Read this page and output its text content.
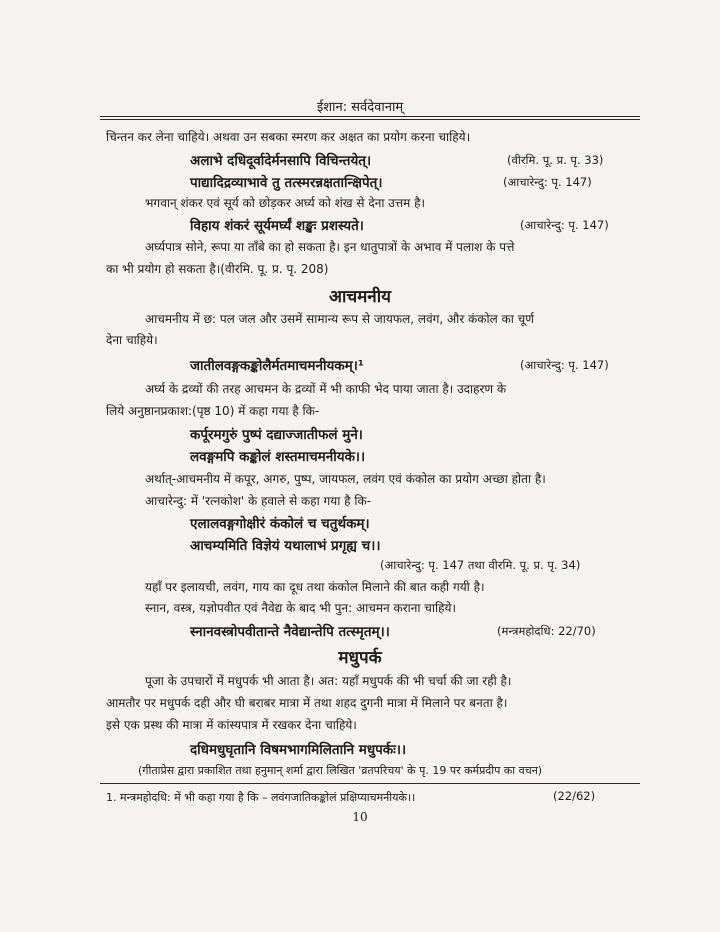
ईशान: सर्वदेवानाम्
चिन्तन कर लेना चाहिये। अथवा उन सबका स्मरण कर अक्षत का प्रयोग करना चाहिये।
अलाभे दधिदूर्वादेर्मनसापि विचिन्तयेत्।	(वीरमि. पू. प्र. पृ. 33)
पाद्यादिद्रव्याभावे तु तत्स्मरन्नक्षतान्क्षिपेत्।	(आचारेन्दु: पृ. 147)
भगवान् शंकर एवं सूर्य को छोड़कर अर्घ्य को शंख से देना उत्तम है।
विहाय शंकरं सूर्यमर्घ्यं शङ्खः प्रशस्यते।	(आचारेन्दु: पृ. 147)
अर्घ्यपात्र सोने, रूपा या ताँबे का हो सकता है। इन धातुपात्रों के अभाव में पलाश के पत्ते
का भी प्रयोग हो सकता है।(वीरमि. पू. प्र. पृ. 208)
आचमनीय
आचमनीय में छ: पल जल और उसमें सामान्य रूप से जायफल, लवंग, और कंकोल का चूर्ण
देना चाहिये।
जातीलवङ्गकङ्कोलैर्मतमाचमनीयकम्।¹	(आचारेन्दु: पृ. 147)
अर्घ्य के द्रव्यों की तरह आचमन के द्रव्यों में भी काफी भेद पाया जाता है। उदाहरण के
लिये अनुष्ठानप्रकाश:(पृष्ठ 10) में कहा गया है कि-
कर्पूरमगुरुं पुष्पं दद्याज्जातीफलं मुने।
लवङ्गमपि कङ्कोलं शस्तमाचमनीयके।।
अर्थात्-आचमनीय में कपूर, अगरु, पुष्प, जायफल, लवंग एवं कंकोल का प्रयोग अच्छा होता है।
आचारेन्दु: में 'रत्नकोश' के हवाले से कहा गया है कि-
एलालवङ्गगोक्षीरं कंकोलं च चतुर्थकम्।
आचम्यमिति विज्ञेयं यथालाभं प्रगृह्य च।।
(आचारेन्दु: पृ. 147 तथा वीरमि. पू. प्र. पृ. 34)
यहाँ पर इलायची, लवंग, गाय का दूध तथा कंकोल मिलाने की बात कही गयी है।
स्नान, वस्त्र, यज्ञोपवीत एवं नैवेद्य के बाद भी पुन: आचमन कराना चाहिये।
स्नानवस्त्रोपवीतान्ते नैवेद्यान्तेपि तत्स्मृतम्।।	(मन्त्रमहोदधि: 22/70)
मधुपर्क
पूजा के उपचारों में मधुपर्क भी आता है। अत: यहाँ मधुपर्क की भी चर्चा की जा रही है।
आमतौर पर मधुपर्क दही और घी बराबर मात्रा में तथा शहद दुगनी मात्रा में मिलाने पर बनता है।
इसे एक प्रस्थ की मात्रा में कांस्यपात्र में रखकर देना चाहिये।
दधिमधुघृतानि विषमभागमिलितानि मधुपर्कः।।
(गीताप्रेस द्वारा प्रकाशित तथा हनुमान् शर्मा द्वारा लिखित 'व्रतपरिचय' के पृ. 19 पर कर्मप्रदीप का वचन)
1. मन्त्रमहोदधि: में भी कहा गया है कि – लवंगजातिकङ्कोलं प्रक्षिप्याचमनीयके।।	(22/62)
10
